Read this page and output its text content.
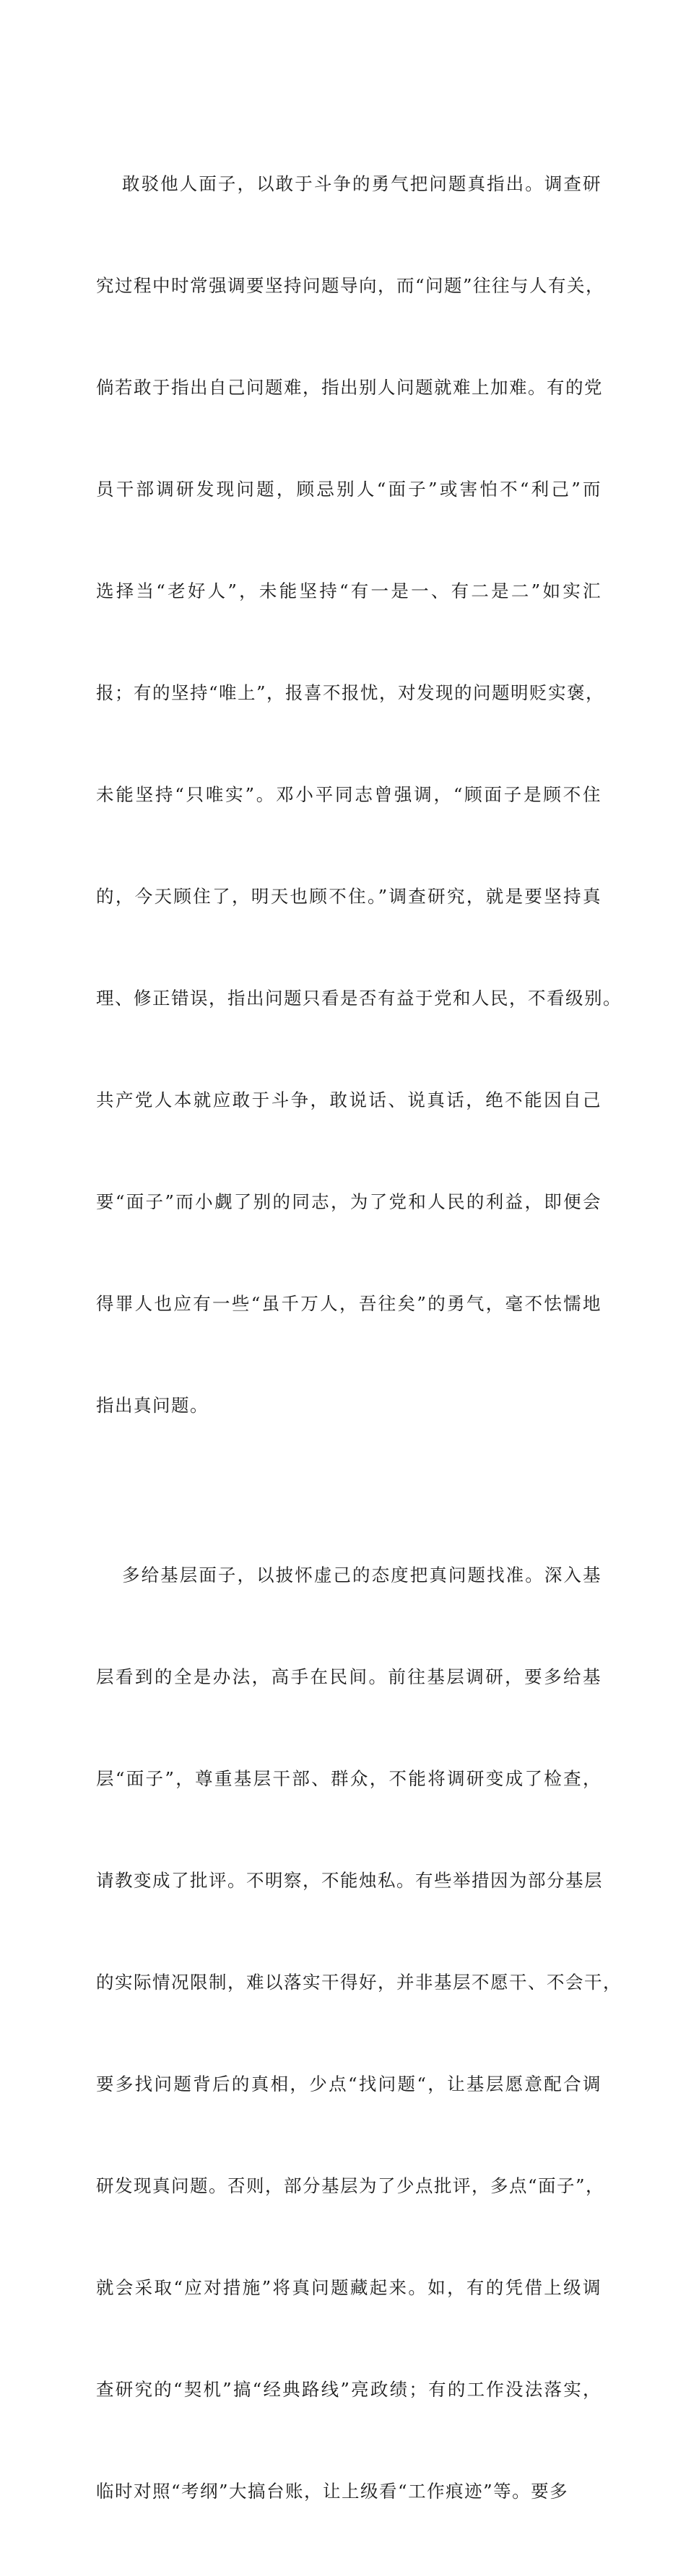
敢驳他人面子，以敢于斗争的勇气把问题真指出。调查研

究过程中时常强调要坚持问题导向，而“问题”往往与人有关，

倘若敢于指出自己问题难，指出别人问题就难上加难。有的党

员干部调研发现问题，顾忌别人“面子”或害怕不“利己”而

选择当“老好人”，未能坚持“有一是一、有二是二”如实汇

报；有的坚持“唯上”，报喜不报忧，对发现的问题明贬实褒，

未能坚持“只唯实”。邓小平同志曾强调，“顾面子是顾不住

的，今天顾住了，明天也顾不住。”调查研究，就是要坚持真

理、修正错误，指出问题只看是否有益于党和人民，不看级别。

共产党人本就应敢于斗争，敢说话、说真话，绝不能因自己

要“面子”而小觑了别的同志，为了党和人民的利益，即便会

得罪人也应有一些“虽千万人，吾往矣”的勇气，毫不怯懦地

指出真问题。

多给基层面子，以披怀虚己的态度把真问题找准。深入基

层看到的全是办法，高手在民间。前往基层调研，要多给基

层“面子”，尊重基层干部、群众，不能将调研变成了检查，

请教变成了批评。不明察，不能烛私。有些举措因为部分基层

的实际情况限制，难以落实干得好，并非基层不愿干、不会干，

要多找问题背后的真相，少点“找问题“，让基层愿意配合调

研发现真问题。否则，部分基层为了少点批评，多点“面子”，

就会采取“应对措施”将真问题藏起来。如，有的凭借上级调

查研究的“契机”搞“经典路线”亮政绩；有的工作没法落实，

临时对照“考纲”大搞台账，让上级看“工作痕迹”等。要多
